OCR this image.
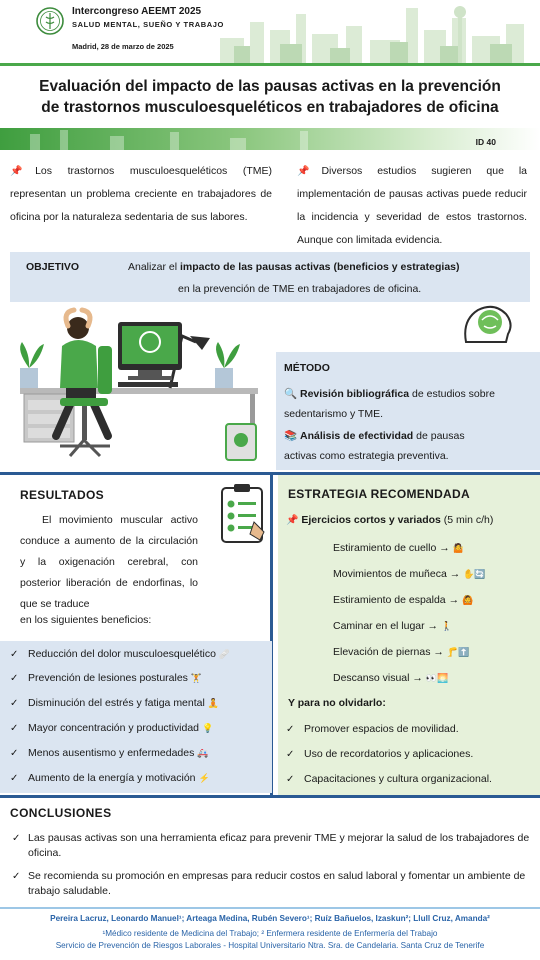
Intercongreso AEEMT 2025
SALUD MENTAL, SUEÑO Y TRABAJO
Madrid, 28 de marzo de 2025
Evaluación del impacto de las pausas activas en la prevención
de trastornos musculoesqueléticos en trabajadores de oficina
ID 40
📌Los trastornos musculoesqueléticos (TME) representan un problema creciente en trabajadores de oficina por la naturaleza sedentaria de sus labores.
📌Diversos estudios sugieren que la implementación de pausas activas puede reducir la incidencia y severidad de estos trastornos. Aunque con limitada evidencia.
OBJETIVO	Analizar el impacto de las pausas activas (beneficios y estrategias)
en la prevención de TME en trabajadores de oficina.
MÉTODO
🔍 Revisión bibliográfica de estudios sobre
sedentarismo y TME.
📚 Análisis de efectividad de pausas
activas como estrategia preventiva.
RESULTADOS
El movimiento muscular activo conduce a aumento de la circulación y la oxigenación cerebral, con posterior liberación de endorfinas, lo que se traduce
en los siguientes beneficios:
✓ Reducción del dolor musculoesquelético 🩹
✓ Prevención de lesiones posturales 🏋
✓ Disminución del estrés y fatiga mental 🧘
✓ Mayor concentración y productividad 💡
✓ Menos ausentismo y enfermedades 🚑
✓ Aumento de la energía y motivación ⚡
ESTRATEGIA RECOMENDADA
📌 Ejercicios cortos y variados (5 min c/h)
Estiramiento de cuello → 🤷
Movimientos de muñeca → ✋🔄
Estiramiento de espalda → 🙆
Caminar en el lugar → 🚶
Elevación de piernas → 🦵⬆️
Descanso visual → 👀🌅
Y para no olvidarlo:
✓ Promover espacios de movilidad.
✓ Uso de recordatorios y aplicaciones.
✓ Capacitaciones y cultura organizacional.
CONCLUSIONES
✓ Las pausas activas son una herramienta eficaz para prevenir TME y mejorar la salud de los trabajadores de oficina.
✓ Se recomienda su promoción en empresas para reducir costos en salud laboral y fomentar un ambiente de trabajo saludable.
Pereira Lacruz, Leonardo Manuel¹; Arteaga Medina, Rubén Severo¹; Ruíz Bañuelos, Izaskun²; Llull Cruz, Amanda²
¹Médico residente de Medicina del Trabajo; ² Enfermera residente de Enfermería del Trabajo
Servicio de Prevención de Riesgos Laborales - Hospital Universitario Ntra. Sra. de Candelaria. Santa Cruz de Tenerife
